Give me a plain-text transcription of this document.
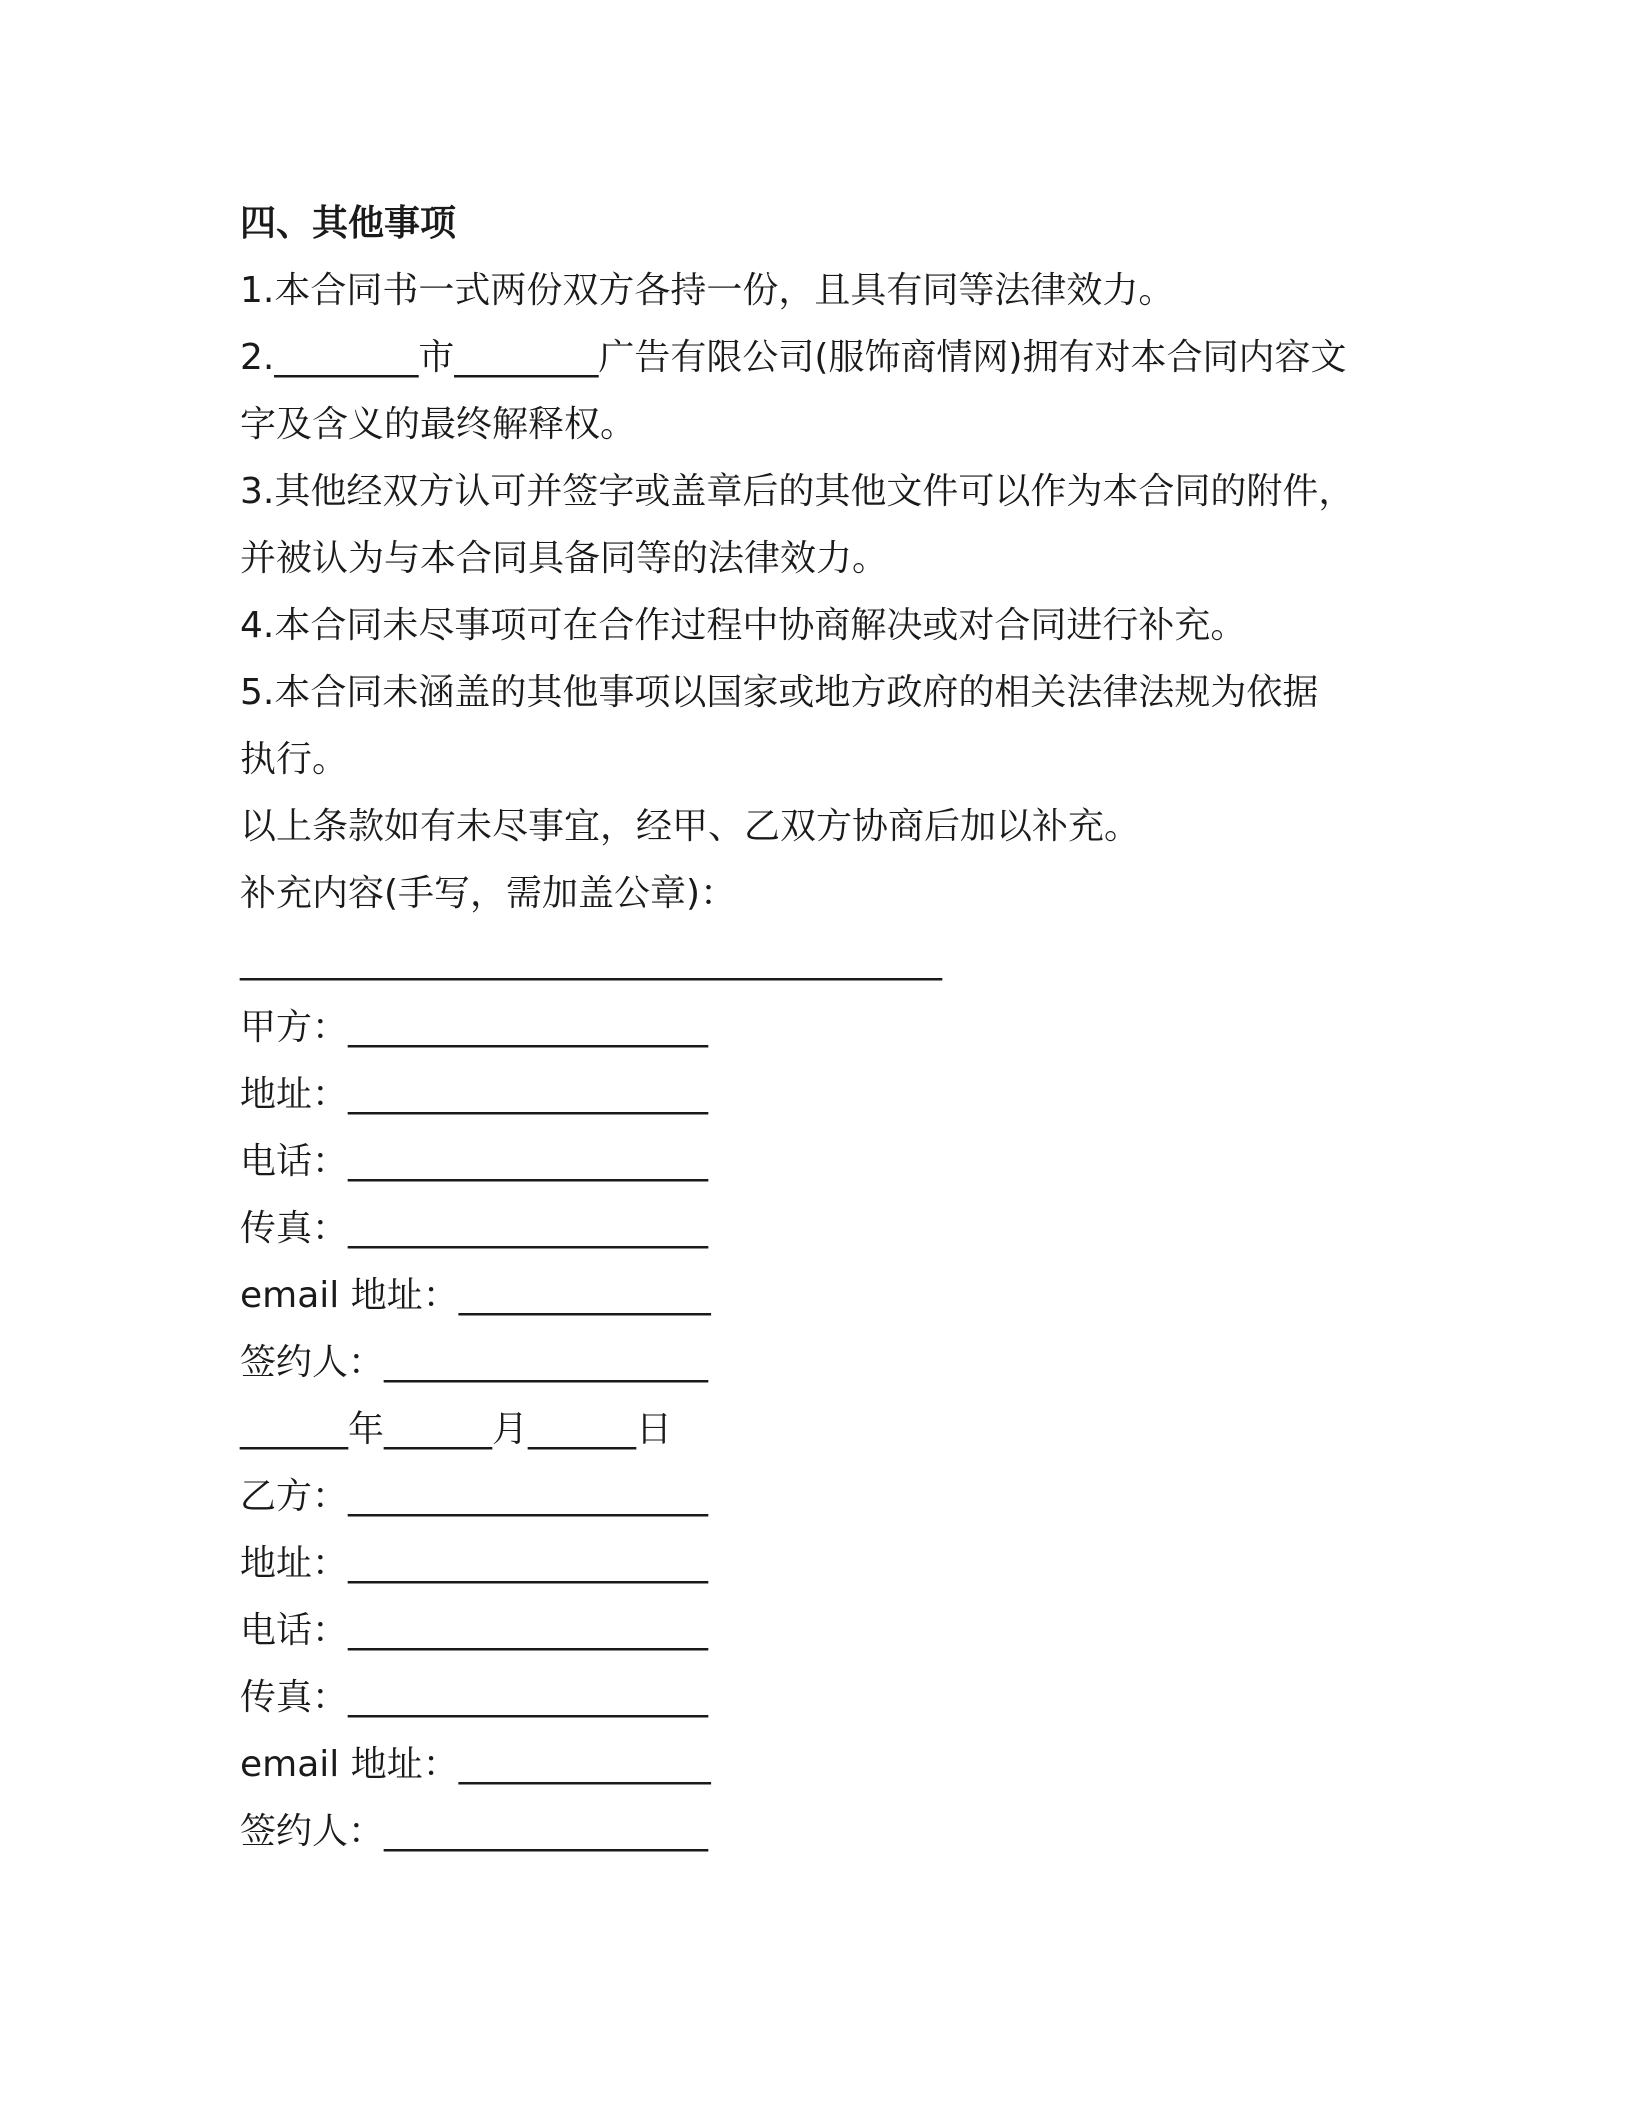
四、其他事项

1.本合同书一式两份双方各持一份，且具有同等法律效力。

2.________市________广告有限公司(服饰商情网)拥有对本合同内容文

字及含义的最终解释权。

3.其他经双方认可并签字或盖章后的其他文件可以作为本合同的附件，

并被认为与本合同具备同等的法律效力。

4.本合同未尽事项可在合作过程中协商解决或对合同进行补充。

5.本合同未涵盖的其他事项以国家或地方政府的相关法律法规为依据

执行。

以上条款如有未尽事宜，经甲、乙双方协商后加以补充。

补充内容(手写，需加盖公章)：

_______________________________________

甲方：____________________

地址：____________________

电话：____________________

传真：____________________

email 地址：______________

签约人：__________________

______年______月______日

乙方：____________________

地址：____________________

电话：____________________

传真：____________________

email 地址：______________

签约人：__________________
